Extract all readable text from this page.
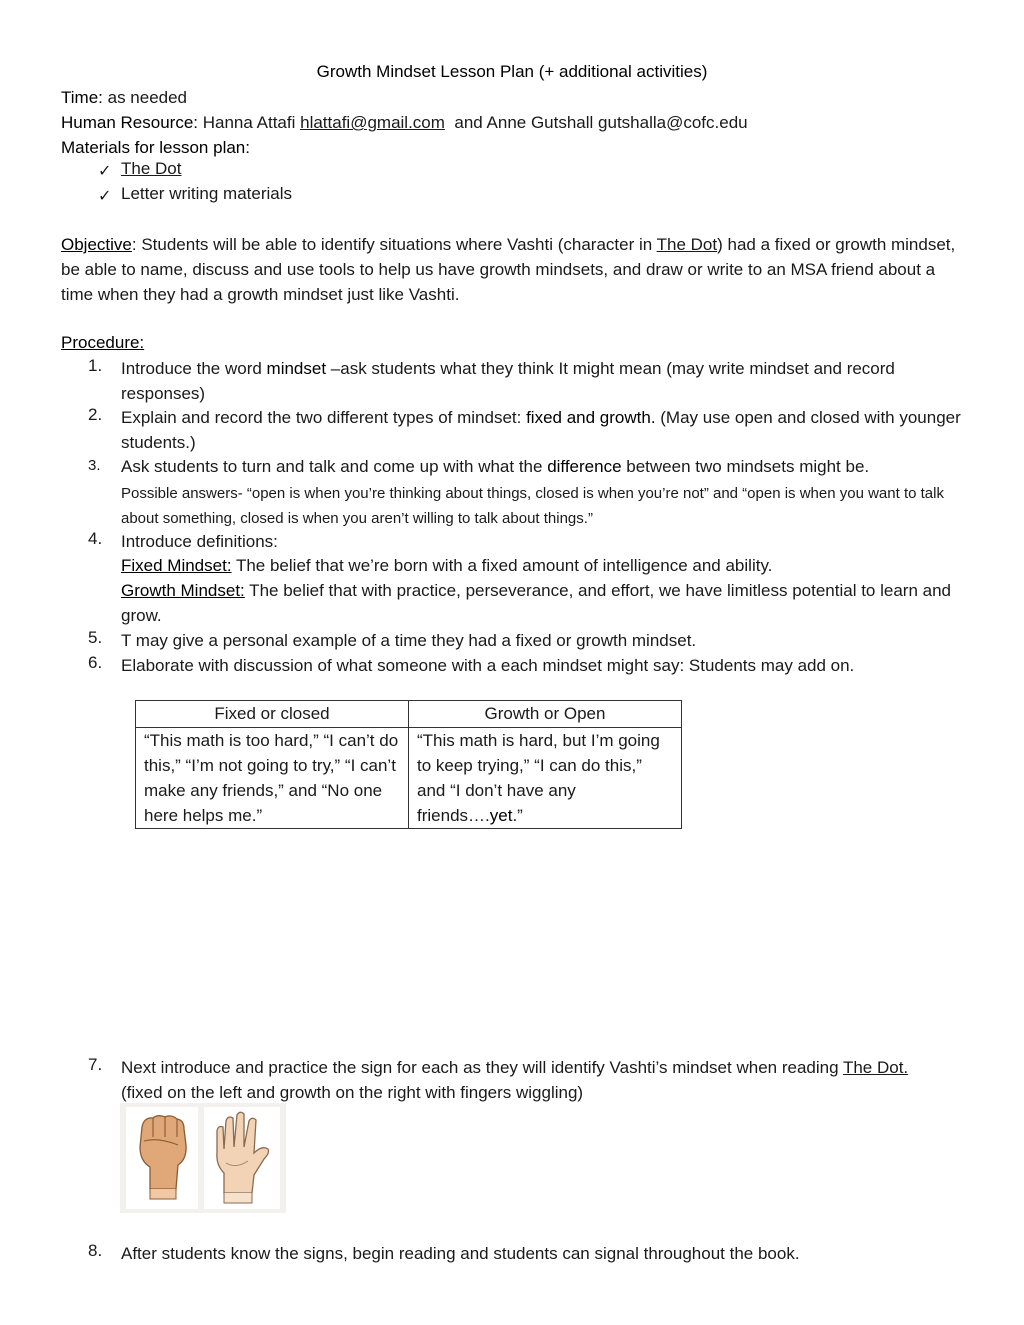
Growth Mindset Lesson Plan (+ additional activities)
Time: as needed
Human Resource: Hanna Attafi hlattafi@gmail.com and Anne Gutshall gutshalla@cofc.edu
Materials for lesson plan:
✓ The Dot
✓ Letter writing materials
Objective: Students will be able to identify situations where Vashti (character in The Dot) had a fixed or growth mindset, be able to name, discuss and use tools to help us have growth mindsets, and draw or write to an MSA friend about a time when they had a growth mindset just like Vashti.
Procedure:
1. Introduce the word mindset –ask students what they think It might mean (may write mindset and record responses)
2. Explain and record the two different types of mindset: fixed and growth. (May use open and closed with younger students.)
3. Ask students to turn and talk and come up with what the difference between two mindsets might be.
Possible answers- “open is when you’re thinking about things, closed is when you’re not” and “open is when you want to talk about something, closed is when you aren’t willing to talk about things.”
4. Introduce definitions:
Fixed Mindset: The belief that we’re born with a fixed amount of intelligence and ability.
Growth Mindset: The belief that with practice, perseverance, and effort, we have limitless potential to learn and grow.
5. T may give a personal example of a time they had a fixed or growth mindset.
6. Elaborate with discussion of what someone with a each mindset might say: Students may add on.
Fixed or closed	Growth or Open
“This math is too hard,” “I can’t do this,” “I’m not going to try,” “I can’t make any friends,” and “No one here helps me.”	“This math is hard, but I’m going to keep trying,” “I can do this,” and “I don’t have any friends….yet.”
7. Next introduce and practice the sign for each as they will identify Vashti’s mindset when reading The Dot. (fixed on the left and growth on the right with fingers wiggling)
8. After students know the signs, begin reading and students can signal throughout the book.
